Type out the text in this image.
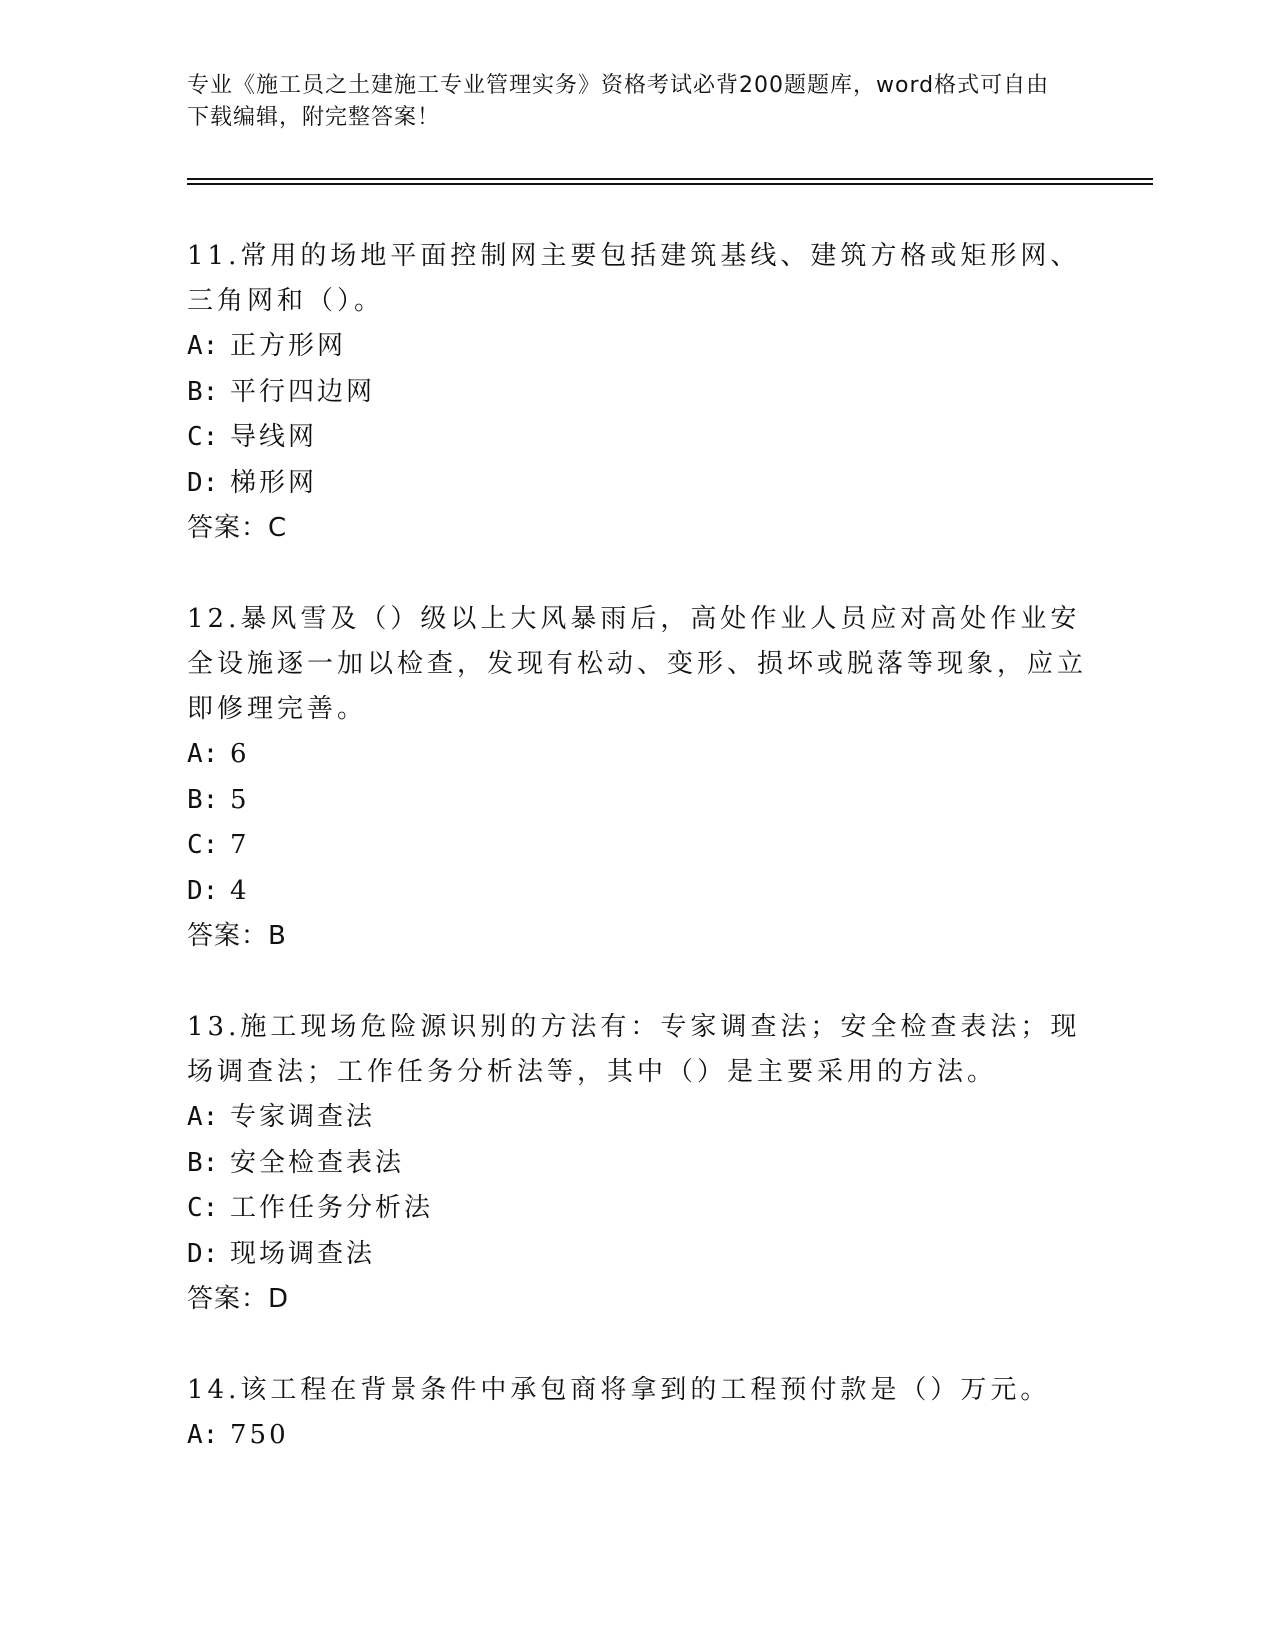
专业《施工员之土建施工专业管理实务》资格考试必背200题题库，word格式可自由下载编辑，附完整答案！

11.常用的场地平面控制网主要包括建筑基线、建筑方格或矩形网、三角网和（）。

A: 正方形网
B: 平行四边网
C: 导线网
D: 梯形网
答案：C

12.暴风雪及（）级以上大风暴雨后，高处作业人员应对高处作业安全设施逐一加以检查，发现有松动、变形、损坏或脱落等现象，应立即修理完善。

A: 6
B: 5
C: 7
D: 4
答案：B

13.施工现场危险源识别的方法有：专家调查法；安全检查表法；现场调查法；工作任务分析法等，其中（）是主要采用的方法。

A: 专家调查法
B: 安全检查表法
C: 工作任务分析法
D: 现场调查法
答案：D

14.该工程在背景条件中承包商将拿到的工程预付款是（）万元。

A: 750
